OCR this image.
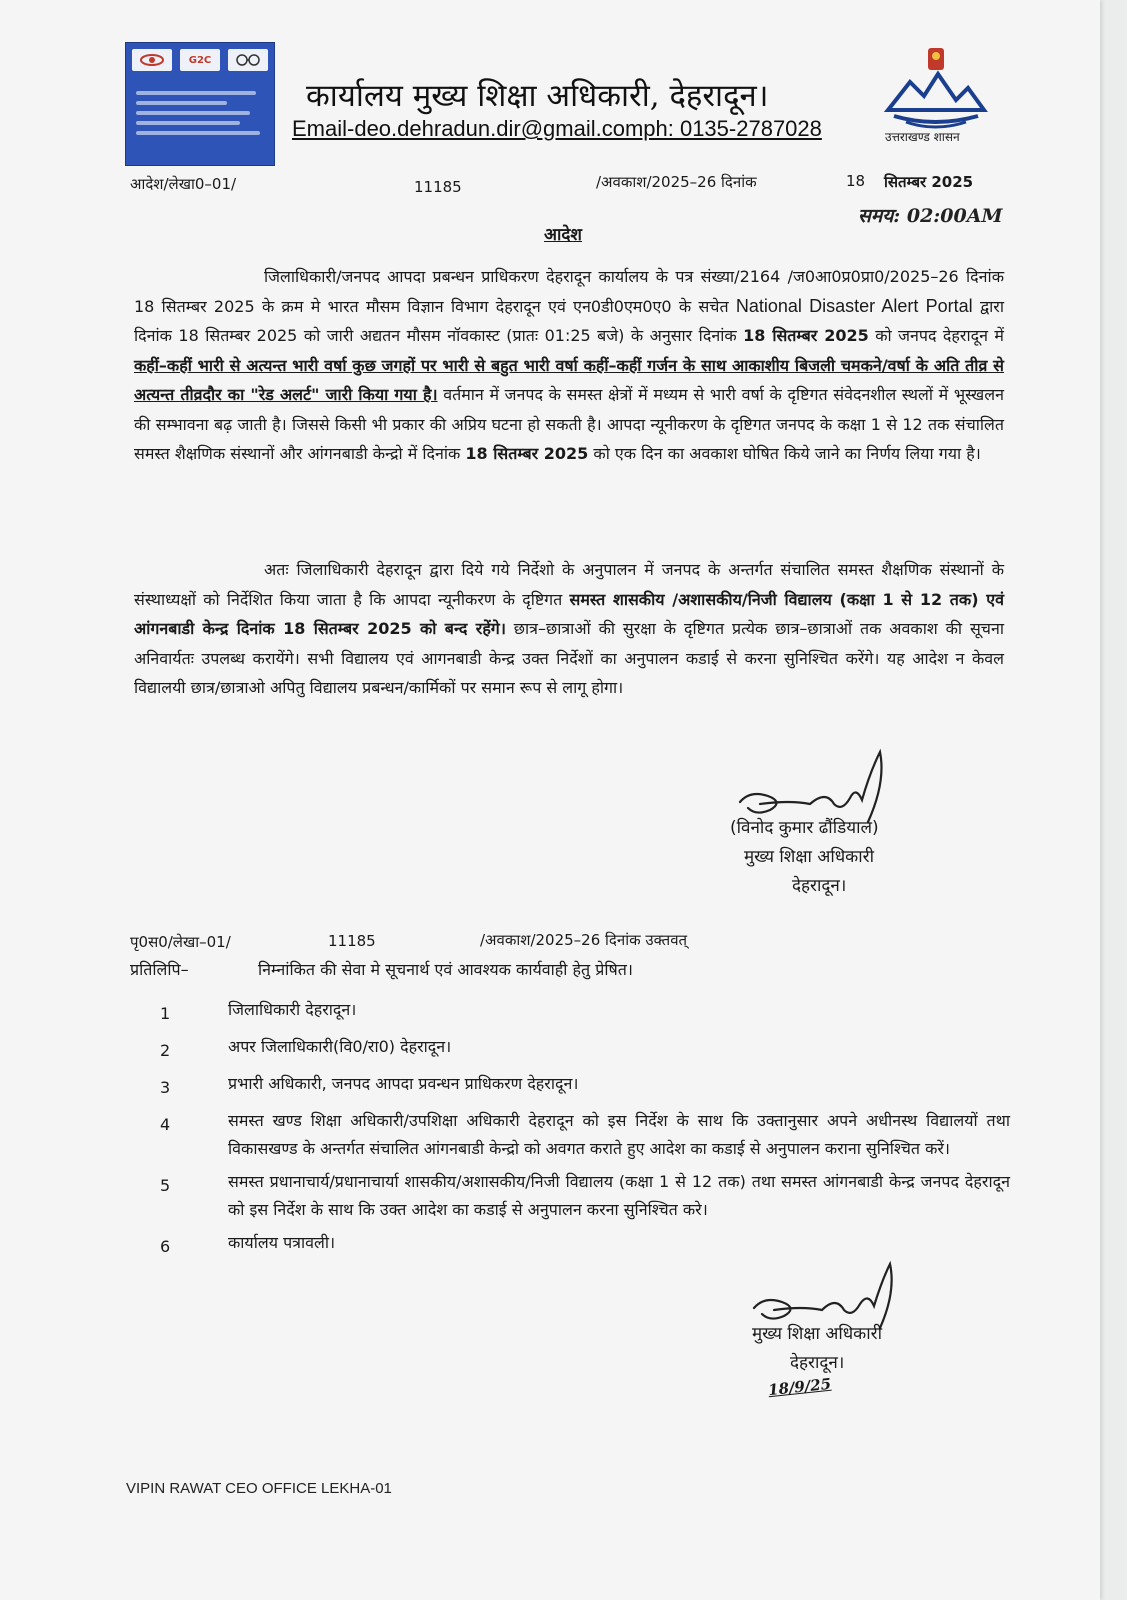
G2C
कार्यालय मुख्य शिक्षा अधिकारी, देहरादून।
Email-deo.dehradun.dir@gmail.comph: 0135-2787028	उत्तराखण्ड शासन
आदेश/लेखा0–01/	11185	/अवकाश/2025–26 दिनांक	18 सितम्बर 2025
समय: 02:00AM
आदेश
जिलाधिकारी/जनपद आपदा प्रबन्धन प्राधिकरण देहरादून कार्यालय के पत्र संख्या/2164 /ज0आ0प्र0प्रा0/2025–26 दिनांक 18 सितम्बर 2025 के क्रम मे भारत मौसम विज्ञान विभाग देहरादून एवं एन0डी0एम0ए0 के सचेत National Disaster Alert Portal द्वारा दिनांक 18 सितम्बर 2025 को जारी अद्यतन मौसम नॉवकास्ट (प्रातः 01:25 बजे) के अनुसार दिनांक 18 सितम्बर 2025 को जनपद देहरादून में कहीं–कहीं भारी से अत्यन्त भारी वर्षा कुछ जगहों पर भारी से बहुत भारी वर्षा कहीं–कहीं गर्जन के साथ आकाशीय बिजली चमकने/वर्षा के अति तीव्र से अत्यन्त तीव्रदौर का "रेड अलर्ट" जारी किया गया है। वर्तमान में जनपद के समस्त क्षेत्रों में मध्यम से भारी वर्षा के दृष्टिगत संवेदनशील स्थलों में भूस्खलन की सम्भावना बढ़ जाती है। जिससे किसी भी प्रकार की अप्रिय घटना हो सकती है। आपदा न्यूनीकरण के दृष्टिगत जनपद के कक्षा 1 से 12 तक संचालित समस्त शैक्षणिक संस्थानों और आंगनबाडी केन्द्रो में दिनांक 18 सितम्बर 2025 को एक दिन का अवकाश घोषित किये जाने का निर्णय लिया गया है।
अतः जिलाधिकारी देहरादून द्वारा दिये गये निर्देशो के अनुपालन में जनपद के अन्तर्गत संचालित समस्त शैक्षणिक संस्थानों के संस्थाध्यक्षों को निर्देशित किया जाता है कि आपदा न्यूनीकरण के दृष्टिगत समस्त शासकीय /अशासकीय/निजी विद्यालय (कक्षा 1 से 12 तक) एवं आंगनबाडी केन्द्र दिनांक 18 सितम्बर 2025 को बन्द रहेंगे। छात्र–छात्राओं की सुरक्षा के दृष्टिगत प्रत्येक छात्र–छात्राओं तक अवकाश की सूचना अनिवार्यतः उपलब्ध करायेंगे। सभी विद्यालय एवं आगनबाडी केन्द्र उक्त निर्देशों का अनुपालन कडाई से करना सुनिश्चित करेंगे। यह आदेश न केवल विद्यालयी छात्र/छात्राओ अपितु विद्यालय प्रबन्धन/कार्मिकों पर समान रूप से लागू होगा।
(विनोद कुमार ढौंडियाल)
मुख्य शिक्षा अधिकारी
देहरादून।
पृ0स0/लेखा–01/	11185	/अवकाश/2025–26 दिनांक उक्तवत्
प्रतिलिपि–	निम्नांकित की सेवा मे सूचनार्थ एवं आवश्यक कार्यवाही हेतु प्रेषित।
1	जिलाधिकारी देहरादून।
2	अपर जिलाधिकारी(वि0/रा0) देहरादून।
3	प्रभारी अधिकारी, जनपद आपदा प्रवन्धन प्राधिकरण देहरादून।
4	समस्त खण्ड शिक्षा अधिकारी/उपशिक्षा अधिकारी देहरादून को इस निर्देश के साथ कि उक्तानुसार अपने अधीनस्थ विद्यालयों तथा विकासखण्ड के अन्तर्गत संचालित आंगनबाडी केन्द्रो को अवगत कराते हुए आदेश का कडाई से अनुपालन कराना सुनिश्चित करें।
5	समस्त प्रधानाचार्य/प्रधानाचार्या शासकीय/अशासकीय/निजी विद्यालय (कक्षा 1 से 12 तक) तथा समस्त आंगनबाडी केन्द्र जनपद देहरादून को इस निर्देश के साथ कि उक्त आदेश का कडाई से अनुपालन करना सुनिश्चित करे।
6	कार्यालय पत्रावली।
मुख्य शिक्षा अधिकारी
देहरादून।
18/9/25
VIPIN RAWAT CEO OFFICE LEKHA-01
